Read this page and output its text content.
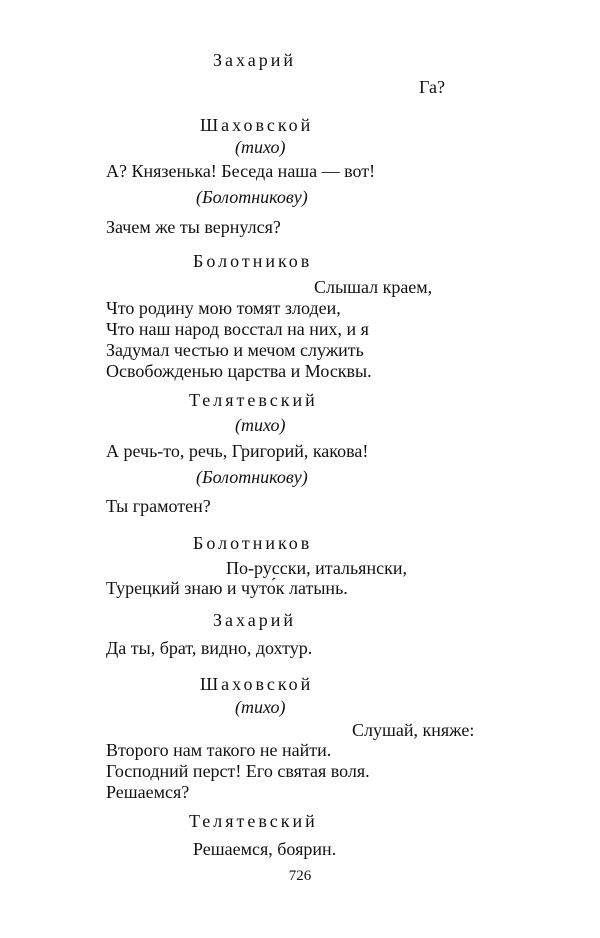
Захарий
Га?
Шаховской
(тихо)
А? Князенька! Беседа наша — вот!
(Болотникову)
Зачем же ты вернулся?
Болотников
Слышал краем,
Что родину мою томят злодеи,
Что наш народ восстал на них, и я
Задумал честью и мечом служить
Освобожденью царства и Москвы.
Телятевский
(тихо)
А речь-то, речь, Григорий, какова!
(Болотникову)
Ты грамотен?
Болотников
По-русски, итальянски,
Турецкий знаю и чуто́к латынь.
Захарий
Да ты, брат, видно, дохтур.
Шаховской
(тихо)
Слушай, княже:
Второго нам такого не найти.
Господний перст! Его святая воля.
Решаемся?
Телятевский
Решаемся, боярин.
726
